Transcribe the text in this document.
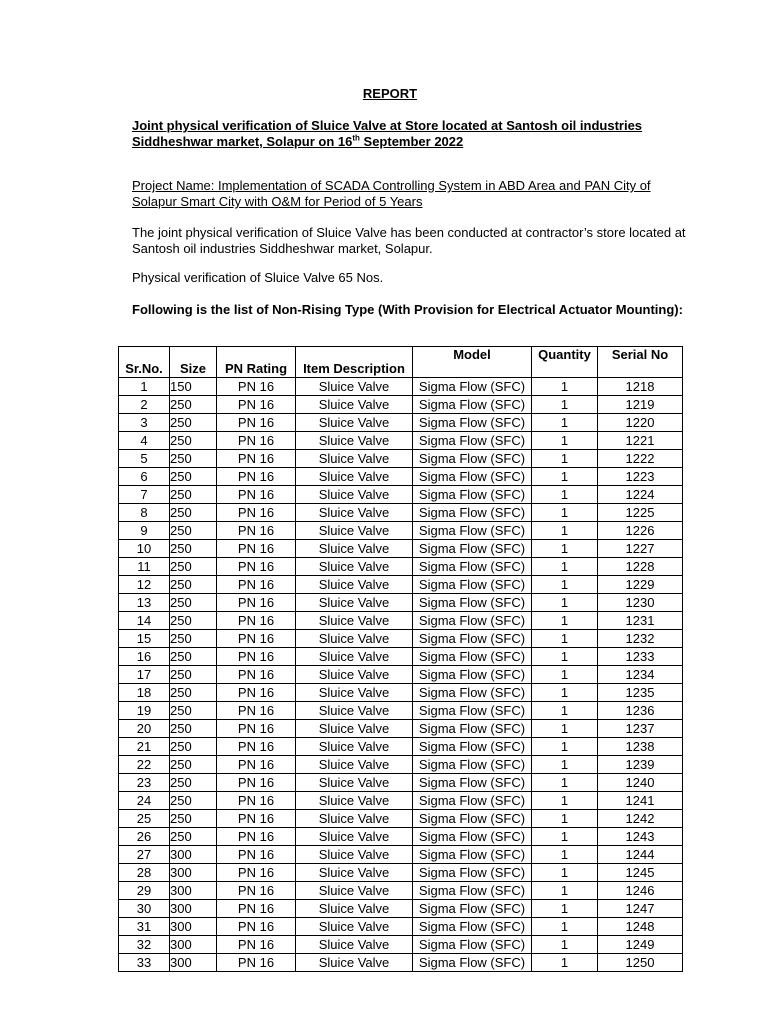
REPORT
Joint physical verification of Sluice Valve at Store located at Santosh oil industries
Siddheshwar market, Solapur on 16th September 2022
Project Name: Implementation of SCADA Controlling System in ABD Area and PAN City of Solapur Smart City with O&M for Period of 5 Years
The joint physical verification of Sluice Valve has been conducted at contractor’s store located at Santosh oil industries Siddheshwar market, Solapur.
Physical verification of Sluice Valve 65 Nos.
Following is the list of Non-Rising Type (With Provision for Electrical Actuator Mounting):
Sr.No.	Size	PN Rating	Item Description	Model	Quantity	Serial No
1	150	PN 16	Sluice Valve	Sigma Flow (SFC)	1	1218
2	250	PN 16	Sluice Valve	Sigma Flow (SFC)	1	1219
3	250	PN 16	Sluice Valve	Sigma Flow (SFC)	1	1220
4	250	PN 16	Sluice Valve	Sigma Flow (SFC)	1	1221
5	250	PN 16	Sluice Valve	Sigma Flow (SFC)	1	1222
6	250	PN 16	Sluice Valve	Sigma Flow (SFC)	1	1223
7	250	PN 16	Sluice Valve	Sigma Flow (SFC)	1	1224
8	250	PN 16	Sluice Valve	Sigma Flow (SFC)	1	1225
9	250	PN 16	Sluice Valve	Sigma Flow (SFC)	1	1226
10	250	PN 16	Sluice Valve	Sigma Flow (SFC)	1	1227
11	250	PN 16	Sluice Valve	Sigma Flow (SFC)	1	1228
12	250	PN 16	Sluice Valve	Sigma Flow (SFC)	1	1229
13	250	PN 16	Sluice Valve	Sigma Flow (SFC)	1	1230
14	250	PN 16	Sluice Valve	Sigma Flow (SFC)	1	1231
15	250	PN 16	Sluice Valve	Sigma Flow (SFC)	1	1232
16	250	PN 16	Sluice Valve	Sigma Flow (SFC)	1	1233
17	250	PN 16	Sluice Valve	Sigma Flow (SFC)	1	1234
18	250	PN 16	Sluice Valve	Sigma Flow (SFC)	1	1235
19	250	PN 16	Sluice Valve	Sigma Flow (SFC)	1	1236
20	250	PN 16	Sluice Valve	Sigma Flow (SFC)	1	1237
21	250	PN 16	Sluice Valve	Sigma Flow (SFC)	1	1238
22	250	PN 16	Sluice Valve	Sigma Flow (SFC)	1	1239
23	250	PN 16	Sluice Valve	Sigma Flow (SFC)	1	1240
24	250	PN 16	Sluice Valve	Sigma Flow (SFC)	1	1241
25	250	PN 16	Sluice Valve	Sigma Flow (SFC)	1	1242
26	250	PN 16	Sluice Valve	Sigma Flow (SFC)	1	1243
27	300	PN 16	Sluice Valve	Sigma Flow (SFC)	1	1244
28	300	PN 16	Sluice Valve	Sigma Flow (SFC)	1	1245
29	300	PN 16	Sluice Valve	Sigma Flow (SFC)	1	1246
30	300	PN 16	Sluice Valve	Sigma Flow (SFC)	1	1247
31	300	PN 16	Sluice Valve	Sigma Flow (SFC)	1	1248
32	300	PN 16	Sluice Valve	Sigma Flow (SFC)	1	1249
33	300	PN 16	Sluice Valve	Sigma Flow (SFC)	1	1250
